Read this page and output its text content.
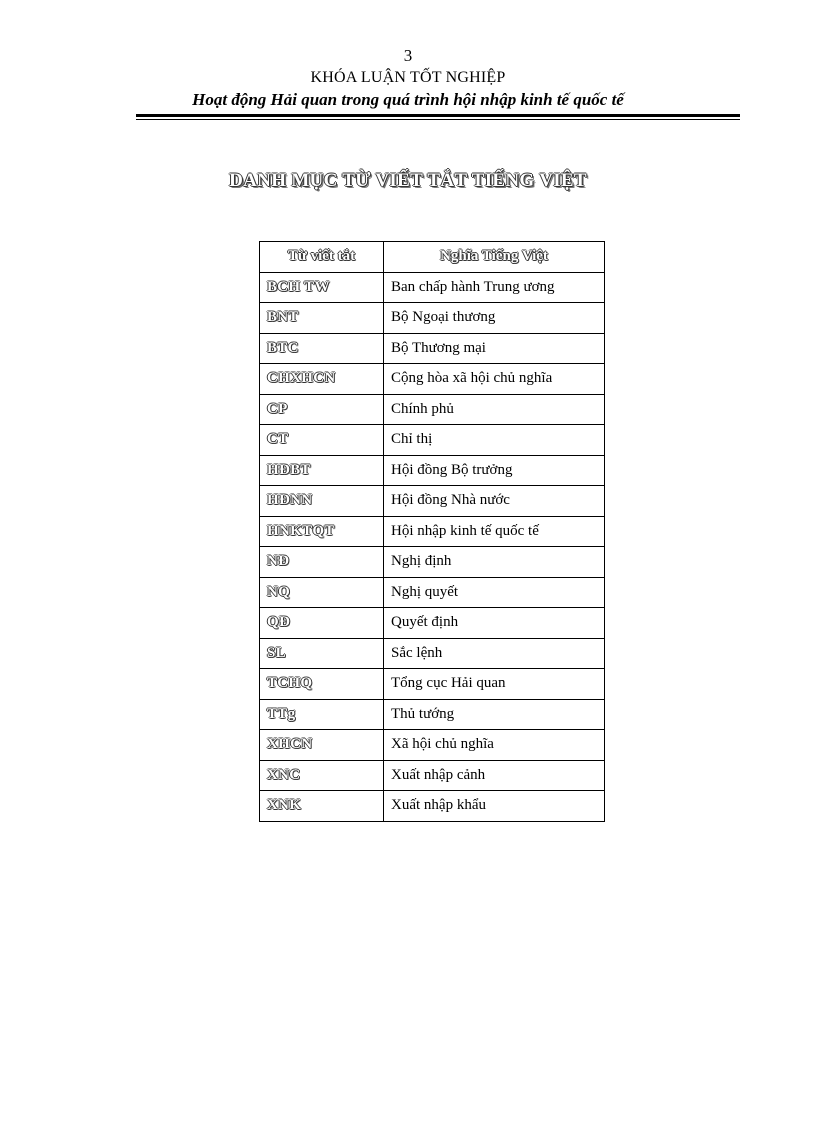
3
KHÓA LUẬN TỐT NGHIỆP
Hoạt động Hải quan trong quá trình hội nhập kinh tế quốc tế
DANH MỤC TỪ VIẾT TẮT TIẾNG VIỆT
Từ viết tắt	Nghĩa Tiếng Việt
BCH TW	Ban chấp hành Trung ương
BNT	Bộ Ngoại thương
BTC	Bộ Thương mại
CHXHCN	Cộng hòa xã hội chủ nghĩa
CP	Chính phủ
CT	Chỉ thị
HĐBT	Hội đồng Bộ trưởng
HĐNN	Hội đồng Nhà nước
HNKTQT	Hội nhập kinh tế quốc tế
NĐ	Nghị định
NQ	Nghị quyết
QĐ	Quyết định
SL	Sắc lệnh
TCHQ	Tổng cục Hải quan
TTg	Thủ tướng
XHCN	Xã hội chủ nghĩa
XNC	Xuất nhập cảnh
XNK	Xuất nhập khẩu
